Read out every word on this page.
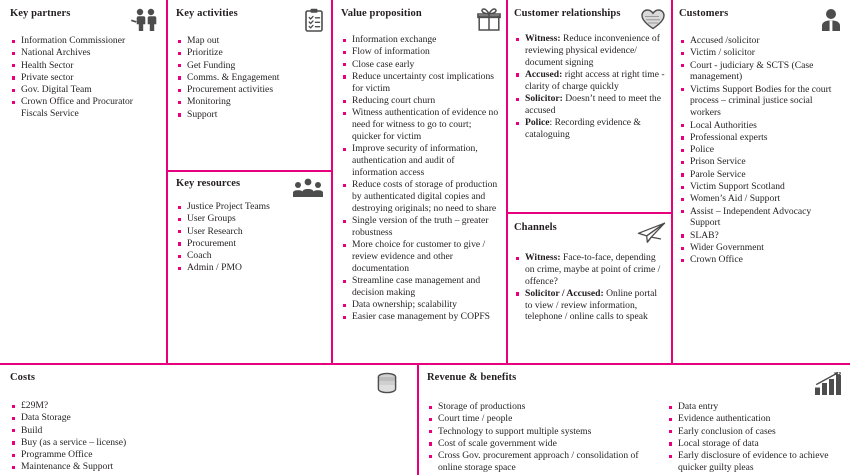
Key partners
Information Commissioner
National Archives
Health Sector
Private sector
Gov. Digital Team
Crown Office and Procurator Fiscals Service
Key activities
Map out
Prioritize
Get Funding
Comms. & Engagement
Procurement activities
Monitoring
Support
Key resources
Justice Project Teams
User Groups
User Research
Procurement
Coach
Admin / PMO
Value proposition
Information exchange
Flow of information
Close case early
Reduce uncertainty cost implications for victim
Reducing court churn
Witness authentication of evidence no need for witness to go to court; quicker for victim
Improve security of information, authentication and audit of information access
Reduce costs of storage of production by authenticated digital copies and destroying originals; no need to share
Single version of the truth – greater robustness
More choice for customer to give / review evidence and other documentation
Streamline case management and decision making
Data ownership; scalability
Easier case management by COPFS
Customer relationships
Witness: Reduce inconvenience of reviewing physical evidence/ document signing
Accused: right access at right time - clarity of charge quickly
Solicitor: Doesn’t need to meet the accused
Police: Recording evidence & cataloguing
Channels
Witness: Face-to-face, depending on crime, maybe at point of crime / offence?
Solicitor / Accused: Online portal to view / review information, telephone / online calls to speak
Customers
Accused /solicitor
Victim / solicitor
Court - judiciary & SCTS (Case management)
Victims Support Bodies for the court process – criminal justice social workers
Local Authorities
Professional experts
Police
Prison Service
Parole Service
Victim Support Scotland
Women’s Aid / Support
Assist – Independent Advocacy Support
SLAB?
Wider Government
Crown Office
Costs
£29M?
Data Storage
Build
Buy (as a service – license)
Programme Office
Maintenance & Support
Revenue & benefits
Storage of productions
Court time / people
Technology to support multiple systems
Cost of scale government wide
Cross Gov. procurement approach / consolidation of online storage space
Data entry
Evidence authentication
Early conclusion of cases
Local storage of data
Early disclosure of evidence to achieve quicker guilty pleas
